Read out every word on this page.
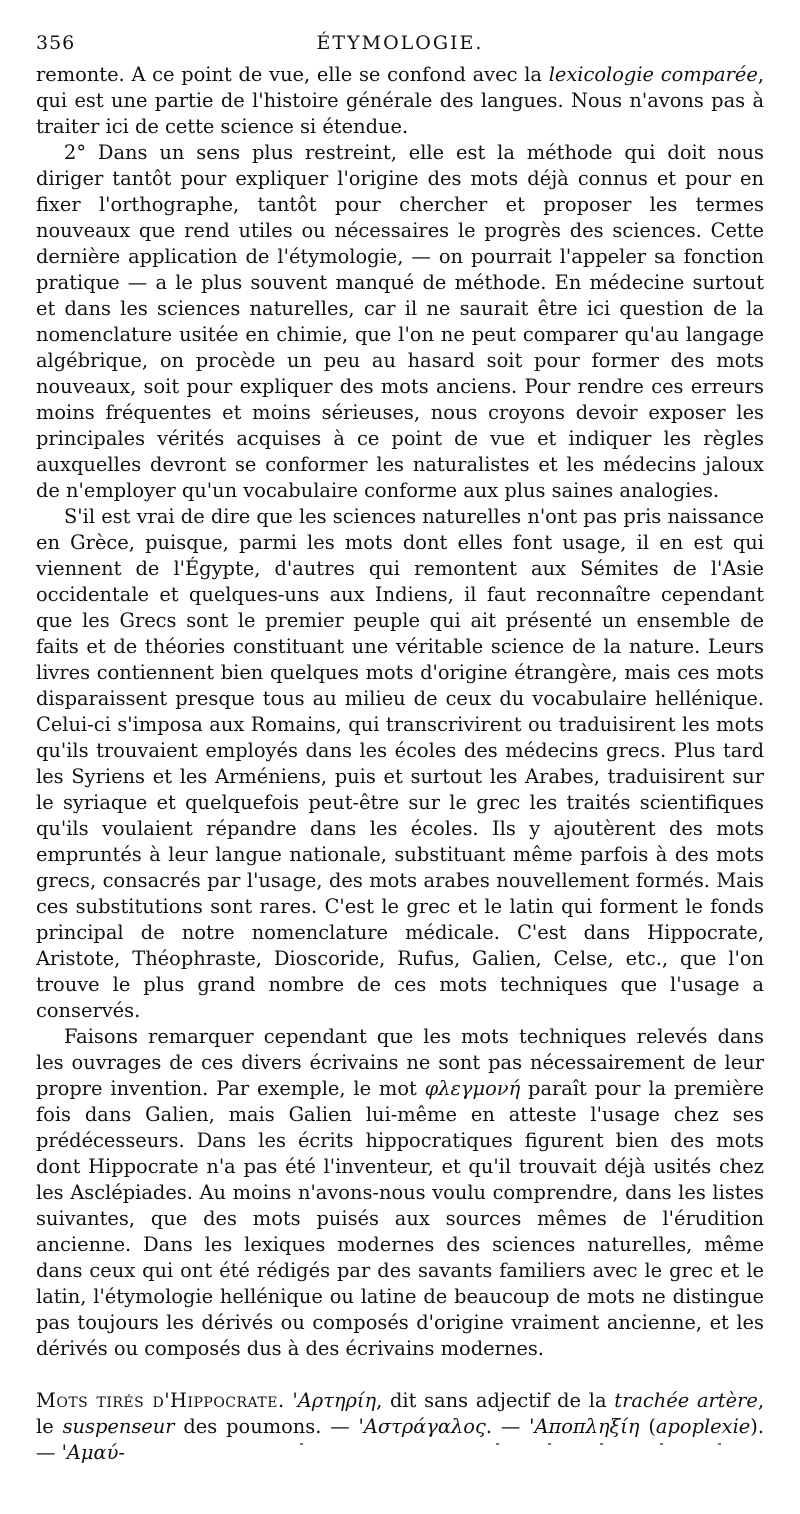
356	ÉTYMOLOGIE.

remonte. A ce point de vue, elle se confond avec la lexicologie comparée, qui est une partie de l'histoire générale des langues. Nous n'avons pas à traiter ici de cette science si étendue.

2° Dans un sens plus restreint, elle est la méthode qui doit nous diriger tantôt pour expliquer l'origine des mots déjà connus et pour en fixer l'orthographe, tantôt pour chercher et proposer les termes nouveaux que rend utiles ou nécessaires le progrès des sciences. Cette dernière application de l'étymologie, — on pourrait l'appeler sa fonction pratique — a le plus souvent manqué de méthode. En médecine surtout et dans les sciences naturelles, car il ne saurait être ici question de la nomenclature usitée en chimie, que l'on ne peut comparer qu'au langage algébrique, on procède un peu au hasard soit pour former des mots nouveaux, soit pour expliquer des mots anciens. Pour rendre ces erreurs moins fréquentes et moins sérieuses, nous croyons devoir exposer les principales vérités acquises à ce point de vue et indiquer les règles auxquelles devront se conformer les naturalistes et les médecins jaloux de n'employer qu'un vocabulaire conforme aux plus saines analogies.

S'il est vrai de dire que les sciences naturelles n'ont pas pris naissance en Grèce, puisque, parmi les mots dont elles font usage, il en est qui viennent de l'Égypte, d'autres qui remontent aux Sémites de l'Asie occidentale et quelques-uns aux Indiens, il faut reconnaître cependant que les Grecs sont le premier peuple qui ait présenté un ensemble de faits et de théories constituant une véritable science de la nature. Leurs livres contiennent bien quelques mots d'origine étrangère, mais ces mots disparaissent presque tous au milieu de ceux du vocabulaire hellénique. Celui-ci s'imposa aux Romains, qui transcrivirent ou traduisirent les mots qu'ils trouvaient employés dans les écoles des médecins grecs. Plus tard les Syriens et les Arméniens, puis et surtout les Arabes, traduisirent sur le syriaque et quelquefois peut-être sur le grec les traités scientifiques qu'ils voulaient répandre dans les écoles. Ils y ajoutèrent des mots empruntés à leur langue nationale, substituant même parfois à des mots grecs, consacrés par l'usage, des mots arabes nouvellement formés. Mais ces substitutions sont rares. C'est le grec et le latin qui forment le fonds principal de notre nomenclature médicale. C'est dans Hippocrate, Aristote, Théophraste, Dioscoride, Rufus, Galien, Celse, etc., que l'on trouve le plus grand nombre de ces mots techniques que l'usage a conservés.

Faisons remarquer cependant que les mots techniques relevés dans les ouvrages de ces divers écrivains ne sont pas nécessairement de leur propre invention. Par exemple, le mot φλεγμονή paraît pour la première fois dans Galien, mais Galien lui-même en atteste l'usage chez ses prédécesseurs. Dans les écrits hippocratiques figurent bien des mots dont Hippocrate n'a pas été l'inventeur, et qu'il trouvait déjà usités chez les Asclépiades. Au moins n'avons-nous voulu comprendre, dans les listes suivantes, que des mots puisés aux sources mêmes de l'érudition ancienne. Dans les lexiques modernes des sciences naturelles, même dans ceux qui ont été rédigés par des savants familiers avec le grec et le latin, l'étymologie hellénique ou latine de beaucoup de mots ne distingue pas toujours les dérivés ou composés d'origine vraiment ancienne, et les dérivés ou composés dus à des écrivains modernes.

Mots tirés d'Hippocrate. 'Αρτηρίη, dit sans adjectif de la trachée artère, le suspenseur des poumons. — 'Αστράγαλος. — 'Αποπληξίη (apoplexie). — 'Αμαύ-
